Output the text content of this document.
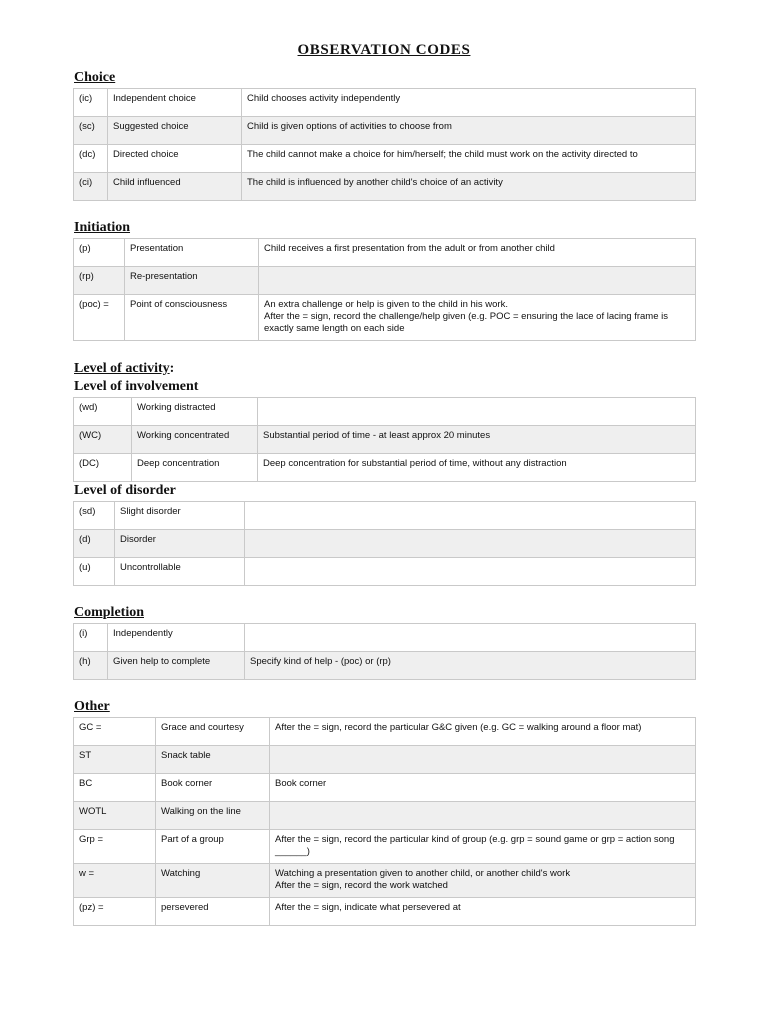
OBSERVATION CODES
Choice
(ic)	Independent choice	Child chooses activity independently
(sc)	Suggested choice	Child is given options of activities to choose from
(dc)	Directed choice	The child cannot make a choice for him/herself; the child must work on the activity directed to
(ci)	Child influenced	The child is influenced by another child's choice of an activity
Initiation
(p)	Presentation	Child receives a first presentation from the adult or from another child
(rp)	Re-presentation	
(poc) =	Point of consciousness	An extra challenge or help is given to the child in his work.
After the = sign, record the challenge/help given (e.g. POC = ensuring the lace of lacing frame is exactly same length on each side
Level of activity:
Level of involvement
(wd)	Working distracted	
(WC)	Working concentrated	Substantial period of time - at least approx 20 minutes
(DC)	Deep concentration	Deep concentration for substantial period of time, without any distraction
Level of disorder
(sd)	Slight disorder	
(d)	Disorder	
(u)	Uncontrollable	
Completion
(i)	Independently	
(h)	Given help to complete	Specify kind of help - (poc) or (rp)
Other
GC =	Grace and courtesy	After the = sign, record the particular G&C given (e.g. GC = walking around a floor mat)
ST	Snack table	
BC	Book corner	Book corner
WOTL	Walking on the line	
Grp =	Part of a group	After the = sign, record the particular kind of group (e.g. grp = sound game or grp = action song ______)
w =	Watching	Watching a presentation given to another child, or another child's work
After the = sign, record the work watched
(pz) =	persevered	After the = sign, indicate what persevered at
